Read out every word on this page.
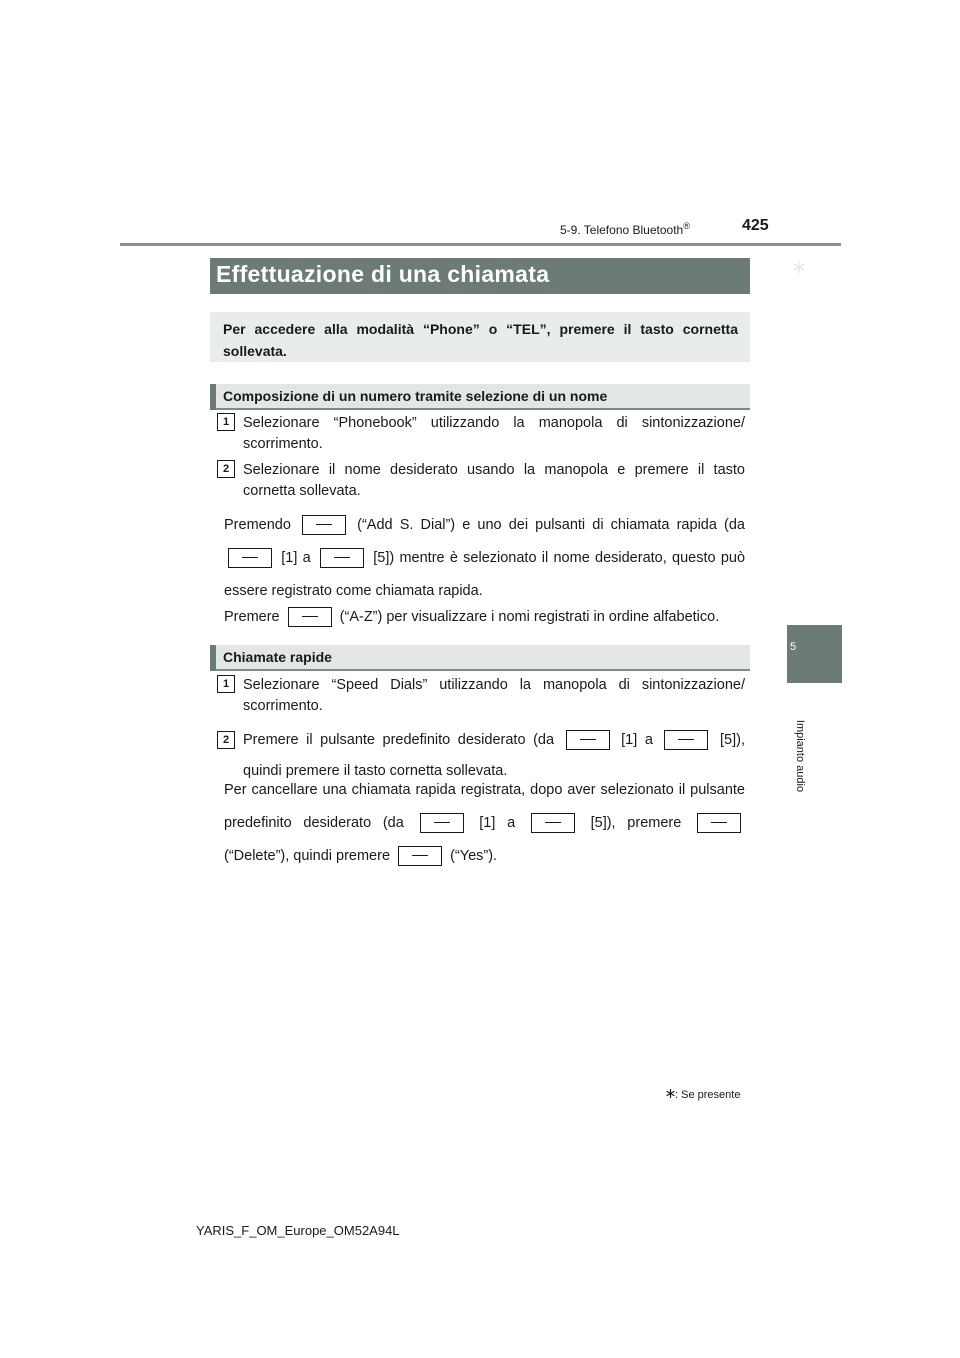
5-9. Telefono Bluetooth®	425
5
Impianto audio
Effettuazione di una chiamata
Per accedere alla modalità “Phone” o “TEL”, premere il tasto cornetta sollevata.
Composizione di un numero tramite selezione di un nome
1 Selezionare “Phonebook” utilizzando la manopola di sintonizzazione/ scorrimento.
2 Selezionare il nome desiderato usando la manopola e premere il tasto cornetta sollevata.
Premendo	(“Add S. Dial”) e uno dei pulsanti di chiamata rapida (da  [1] a	[5]) mentre è selezionato il nome desiderato, questo può essere registrato come chiamata rapida.
Premere	(“A-Z”) per visualizzare i nomi registrati in ordine alfabetico.
Chiamate rapide
1 Selezionare “Speed Dials” utilizzando la manopola di sintonizzazione/ scorrimento.
2 Premere il pulsante predefinito desiderato (da	[1] a	[5]), quindi premere il tasto cornetta sollevata.
Per cancellare una chiamata rapida registrata, dopo aver selezionato il pulsante predefinito desiderato (da	[1] a	[5]), premere  (“Delete”), quindi premere	(“Yes”).
: Se presente
YARIS_F_OM_Europe_OM52A94L
